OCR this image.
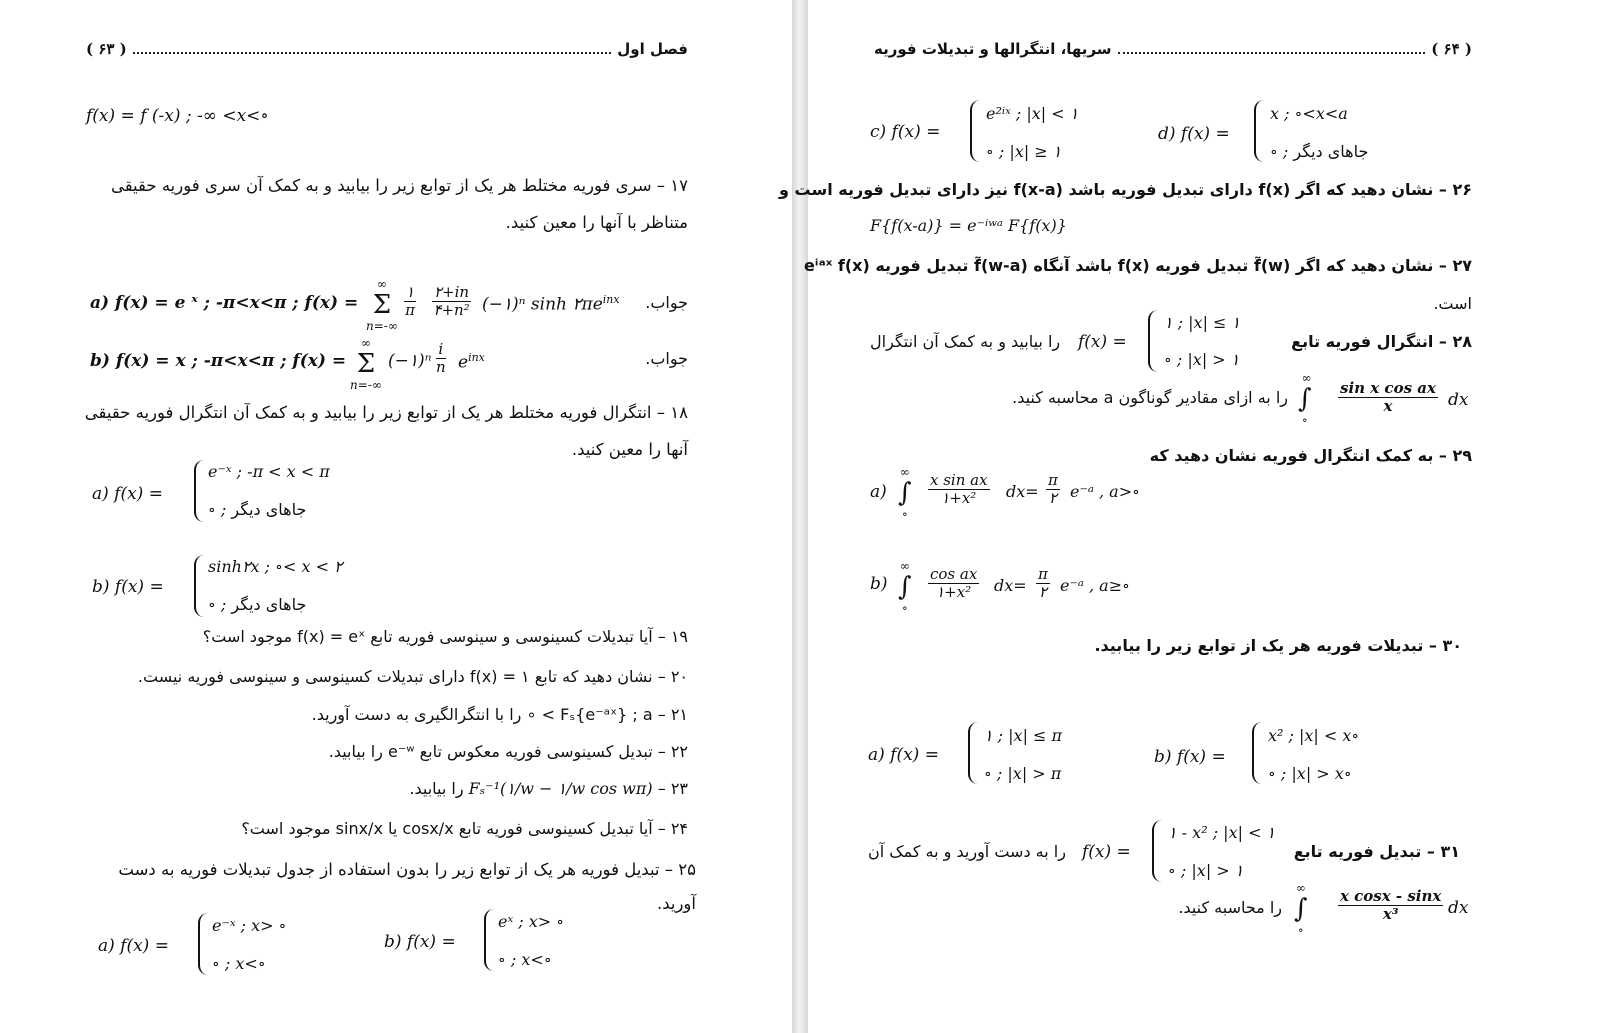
( ۶۳ )	فصل اول
f(x) = f (-x) ; -∞ <x<∘
۱۷ – سری فوریه مختلط هر یک از توابع زیر را بیابید و به کمک آن سری فوریه حقیقی
متناظر با آنها را معین کنید.
a) f(x) = e ˣ ; -π<x<π ; f(x) =
∞
Σ
n=-∞
۱
π
۲+in
۴+n² (−۱)ⁿ $\sinh ۲\pi e^{inx}$ جواب.
b) f(x) = x ; -π<x<π ; f(x) =
∞
Σ
n=-∞
(−۱)ⁿ
i
n $e^{inx}$	جواب.
۱۸ – انتگرال فوریه مختلط هر یک از توابع زیر را بیابید و به کمک آن انتگرال فوریه حقیقی
آنها را معین کنید.
a) f(x) =
e⁻ˣ ; -π < x < π
∘ ; جاهای دیگر
b) f(x) =
sinh۲x ; ∘< x < ۲
∘ ; جاهای دیگر
۱۹ – آیا تبدیلات کسینوسی و سینوسی فوریه تابع f(x) = eˣ موجود است؟
۲۰ – نشان دهید که تابع f(x) = ۱ دارای تبدیلات کسینوسی و سینوسی فوریه نیست.
۲۱ – Fₛ{e⁻ᵃˣ} ; a > ∘ را با انتگرالگیری به دست آورید.
۲۲ – تبدیل کسینوسی فوریه معکوس تابع e⁻ʷ را بیابید.
۲۳ – Fₛ⁻¹(۱/w − ۱/w cos wπ) را بیابید.
۲۴ – آیا تبدیل کسینوسی فوریه تابع cosx/x یا sinx/x موجود است؟
۲۵ – تبدیل فوریه هر یک از توابع زیر را بدون استفاده از جدول تبدیلات فوریه به دست
آورید.
a) f(x) =
e⁻ˣ ; x> ∘
∘ ; x<∘
b) f(x) =
eˣ ; x> ∘
∘ ; x<∘
سریها، انتگرالها و تبدیلات فوریه	( ۶۴ )
c) f(x) =
e²ⁱˣ ; |x| < ۱
∘ ; |x| ≥ ۱
d) f(x) =
x ; ∘<x<a
∘ ; جاهای دیگر
۲۶ – نشان دهید که اگر f(x) دارای تبدیل فوریه باشد f(x-a) نیز دارای تبدیل فوریه است و
F{f(x-a)} = e⁻ⁱʷᵃ F{f(x)}
۲۷ – نشان دهید که اگر f̃(w) تبدیل فوریه f(x) باشد آنگاه f̃(w-a) تبدیل فوریه eⁱᵃˣ f(x)
است.
۲۸ – انتگرال فوریه تابع
f(x) =
۱ ; |x| ≤ ۱
∘ ; |x| > ۱
را بیابید و به کمک آن انتگرال
∞
∫
∘
sin x cos ax
x	dx
را به ازای مقادیر گوناگون a محاسبه کنید.
۲۹ – به کمک انتگرال فوریه نشان دهید که
a)
∞
∫
∘
x sin ax
۱+x²	dx=
π
۲ e⁻ᵃ , a>∘
b)
∞
∫
∘
cos ax
۱+x²	dx=
π
۲ e⁻ᵃ , a≥∘
۳۰ – تبدیلات فوریه هر یک از توابع زیر را بیابید.
a) f(x) =
۱ ; |x| ≤ π
∘ ; |x| > π
b) f(x) =
x² ; |x| < x∘
∘ ; |x| > x∘
۳۱ – تبدیل فوریه تابع
f(x) =
۱ - x² ; |x| < ۱
∘ ; |x| > ۱
را به دست آورید و به کمک آن
∞
∫
∘
x cosx - sinx
x³	dx
را محاسبه کنید.
